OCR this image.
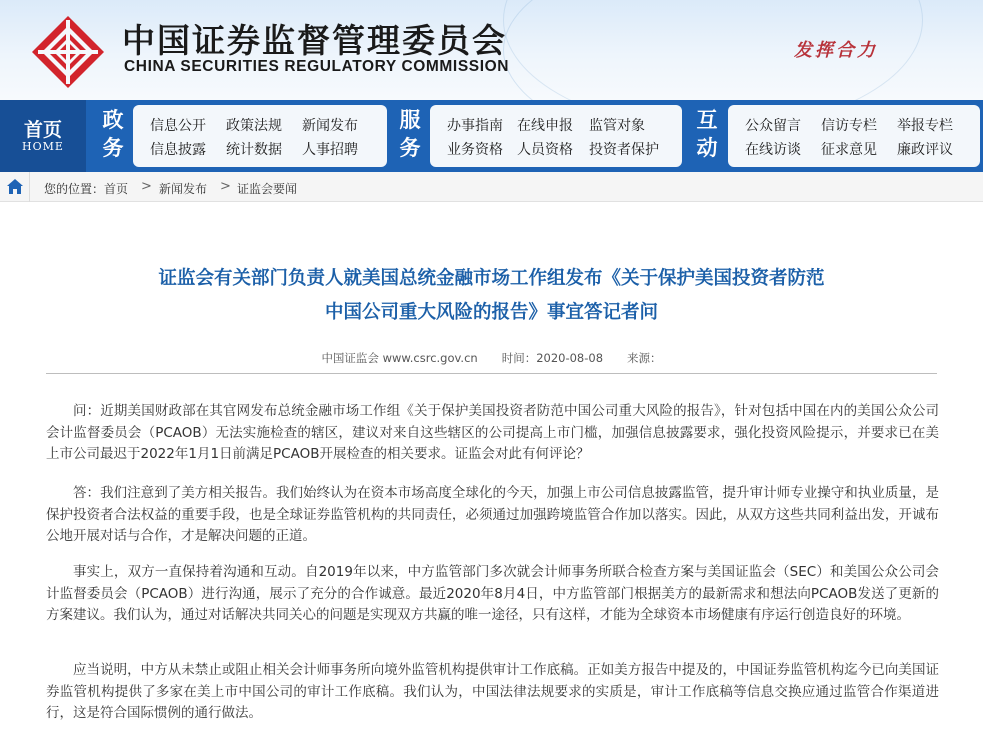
中国证券监督管理委员会
CHINA SECURITIES REGULATORY COMMISSION
发挥合力
首页
HOME
政
务
信息公开 政策法规 新闻发布
信息披露 统计数据 人事招聘
服
务
办事指南 在线申报 监管对象
业务资格 人员资格 投资者保护
互
动
公众留言 信访专栏 举报专栏
在线访谈 征求意见 廉政评议
您的位置： 首页 > 新闻发布 > 证监会要闻
证监会有关部门负责人就美国总统金融市场工作组发布《关于保护美国投资者防范
中国公司重大风险的报告》事宜答记者问
中国证监会 www.csrc.gov.cn 时间：2020-08-08 来源：

问：近期美国财政部在其官网发布总统金融市场工作组《关于保护美国投资者防范中国公司重大风险的报告》，针对包括中国在内的美国公众公司会计监督委员会（PCAOB）无法实施检查的辖区，建议对来自这些辖区的公司提高上市门槛，加强信息披露要求，强化投资风险提示，并要求已在美上市公司最迟于2022年1月1日前满足PCAOB开展检查的相关要求。证监会对此有何评论？

答：我们注意到了美方相关报告。我们始终认为在资本市场高度全球化的今天，加强上市公司信息披露监管，提升审计师专业操守和执业质量，是保护投资者合法权益的重要手段，也是全球证券监管机构的共同责任，必须通过加强跨境监管合作加以落实。因此，从双方这些共同利益出发，开诚布公地开展对话与合作，才是解决问题的正道。

事实上，双方一直保持着沟通和互动。自2019年以来，中方监管部门多次就会计师事务所联合检查方案与美国证监会（SEC）和美国公众公司会计监督委员会（PCAOB）进行沟通，展示了充分的合作诚意。最近2020年8月4日，中方监管部门根据美方的最新需求和想法向PCAOB发送了更新的方案建议。我们认为，通过对话解决共同关心的问题是实现双方共赢的唯一途径，只有这样，才能为全球资本市场健康有序运行创造良好的环境。

应当说明，中方从未禁止或阻止相关会计师事务所向境外监管机构提供审计工作底稿。正如美方报告中提及的，中国证券监管机构迄今已向美国证券监管机构提供了多家在美上市中国公司的审计工作底稿。我们认为，中国法律法规要求的实质是，审计工作底稿等信息交换应通过监管合作渠道进行，这是符合国际惯例的通行做法。
